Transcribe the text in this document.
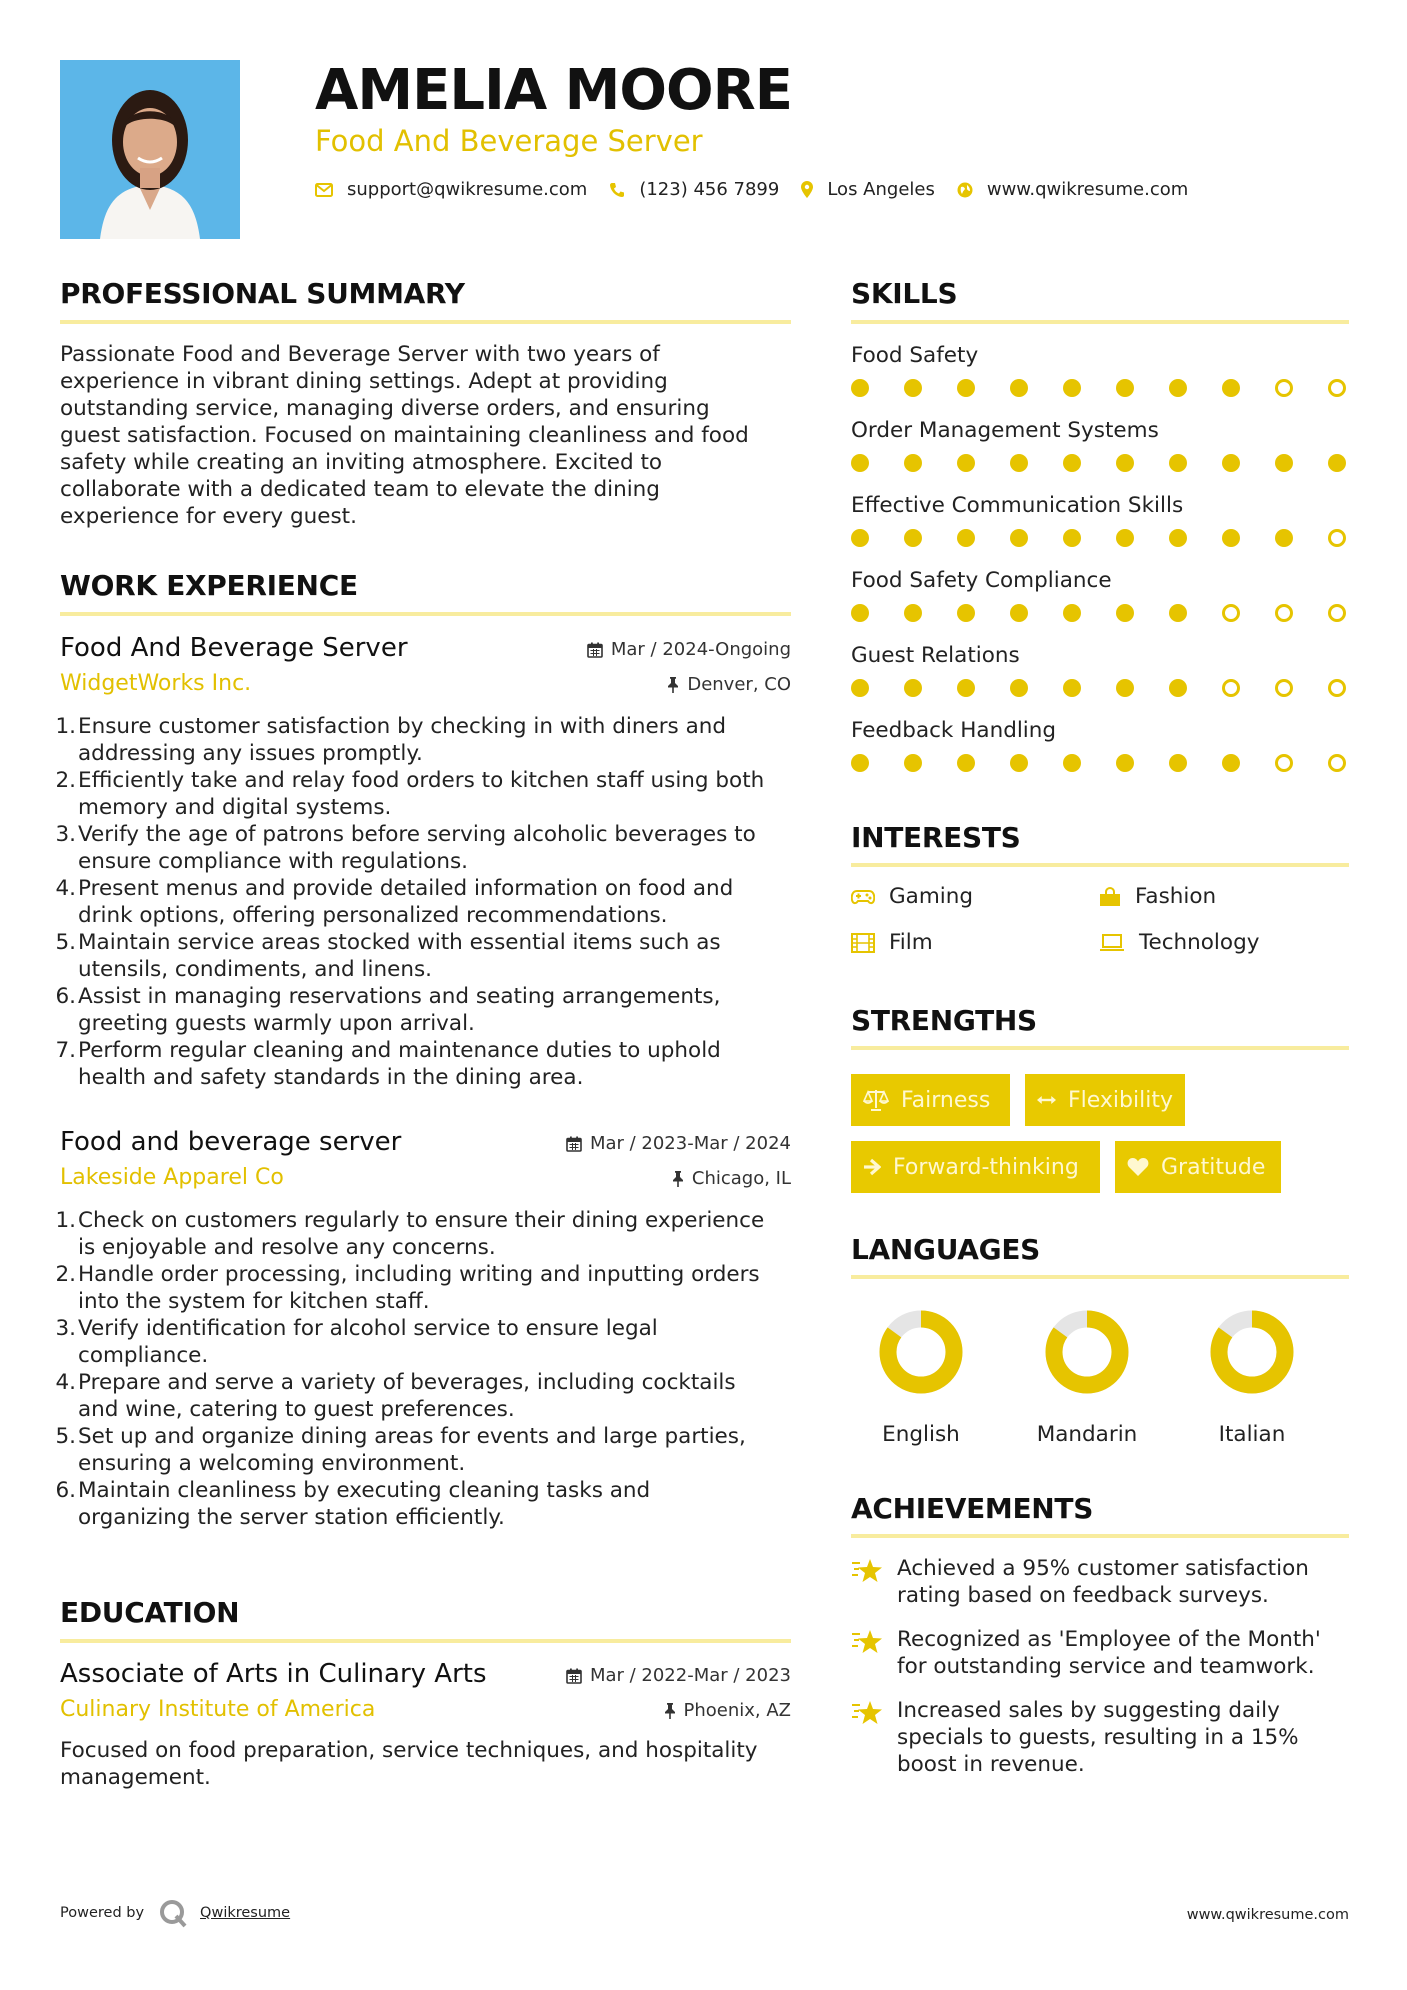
AMELIA MOORE
Food And Beverage Server
support@qwikresume.com	(123) 456 7899	Los Angeles	www.qwikresume.com
PROFESSIONAL SUMMARY
Passionate Food and Beverage Server with two years of
experience in vibrant dining settings. Adept at providing
outstanding service, managing diverse orders, and ensuring
guest satisfaction. Focused on maintaining cleanliness and food
safety while creating an inviting atmosphere. Excited to
collaborate with a dedicated team to elevate the dining
experience for every guest.
WORK EXPERIENCE
Food And Beverage Server	Mar / 2024-Ongoing
WidgetWorks Inc.	Denver, CO
1. Ensure customer satisfaction by checking in with diners and
addressing any issues promptly.
2. Efficiently take and relay food orders to kitchen staff using both
memory and digital systems.
3. Verify the age of patrons before serving alcoholic beverages to
ensure compliance with regulations.
4. Present menus and provide detailed information on food and
drink options, offering personalized recommendations.
5. Maintain service areas stocked with essential items such as
utensils, condiments, and linens.
6. Assist in managing reservations and seating arrangements,
greeting guests warmly upon arrival.
7. Perform regular cleaning and maintenance duties to uphold
health and safety standards in the dining area.
Food and beverage server	Mar / 2023-Mar / 2024
Lakeside Apparel Co	Chicago, IL
1. Check on customers regularly to ensure their dining experience
is enjoyable and resolve any concerns.
2. Handle order processing, including writing and inputting orders
into the system for kitchen staff.
3. Verify identification for alcohol service to ensure legal
compliance.
4. Prepare and serve a variety of beverages, including cocktails
and wine, catering to guest preferences.
5. Set up and organize dining areas for events and large parties,
ensuring a welcoming environment.
6. Maintain cleanliness by executing cleaning tasks and
organizing the server station efficiently.
EDUCATION
Associate of Arts in Culinary Arts	Mar / 2022-Mar / 2023
Culinary Institute of America	Phoenix, AZ
Focused on food preparation, service techniques, and hospitality
management.
SKILLS
Food Safety
Order Management Systems
Effective Communication Skills
Food Safety Compliance
Guest Relations
Feedback Handling
INTERESTS
Gaming	Fashion
Film	Technology
STRENGTHS
Fairness	Flexibility
Forward-thinking	Gratitude
LANGUAGES
English	Mandarin	Italian
ACHIEVEMENTS
Achieved a 95% customer satisfaction
rating based on feedback surveys.
Recognized as 'Employee of the Month'
for outstanding service and teamwork.
Increased sales by suggesting daily
specials to guests, resulting in a 15%
boost in revenue.
Powered by	Qwikresume	www.qwikresume.com
